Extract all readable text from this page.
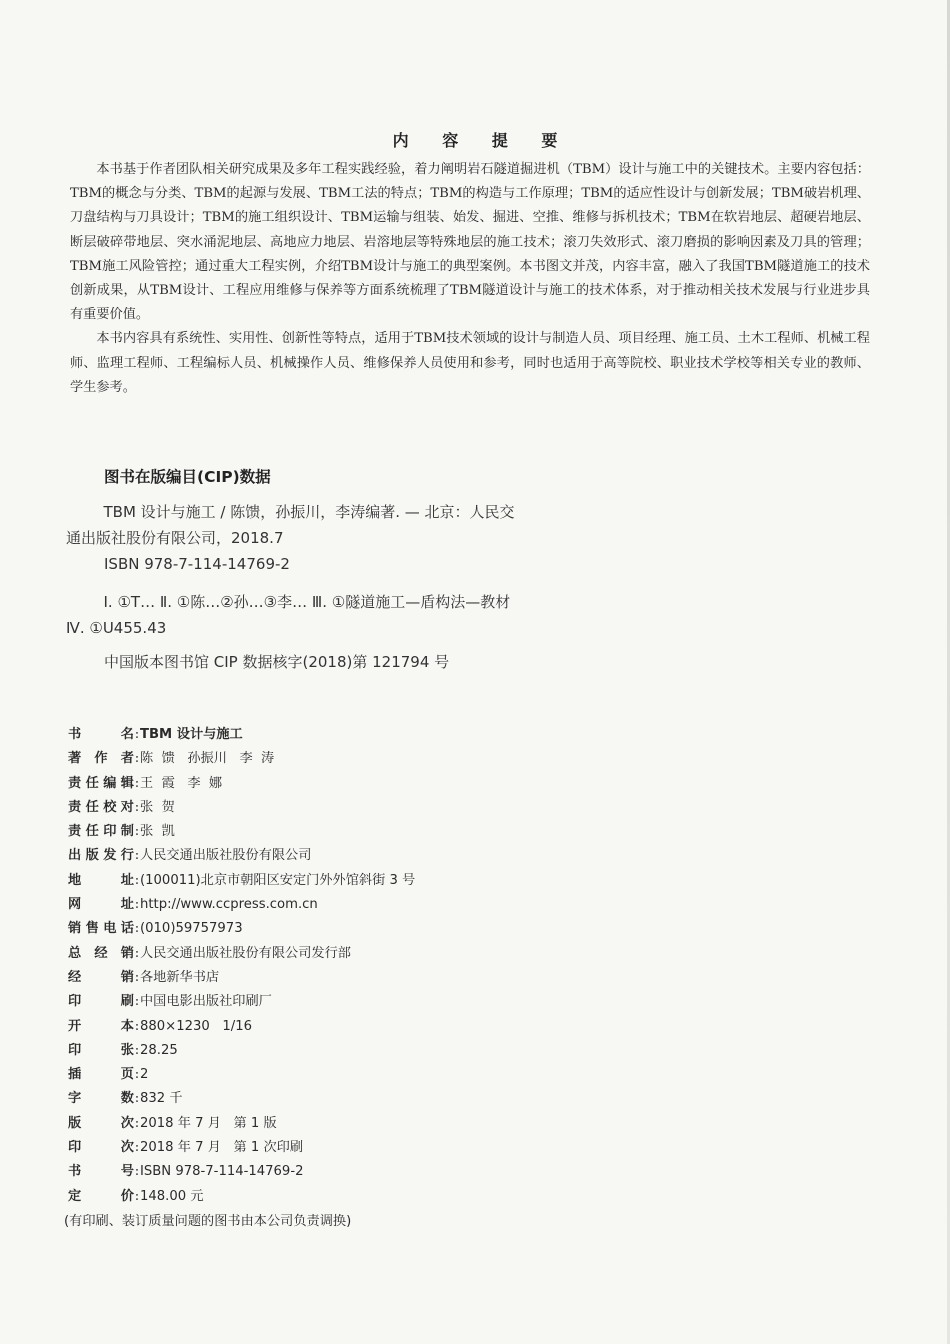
内 容 提 要

本书基于作者团队相关研究成果及多年工程实践经验，着力阐明岩石隧道掘进机（TBM）设计与施工中的关键技术。主要内容包括：TBM的概念与分类、TBM的起源与发展、TBM工法的特点；TBM的构造与工作原理；TBM的适应性设计与创新发展；TBM破岩机理、刀盘结构与刀具设计；TBM的施工组织设计、TBM运输与组装、始发、掘进、空推、维修与拆机技术；TBM在软岩地层、超硬岩地层、断层破碎带地层、突水涌泥地层、高地应力地层、岩溶地层等特殊地层的施工技术；滚刀失效形式、滚刀磨损的影响因素及刀具的管理；TBM施工风险管控；通过重大工程实例，介绍TBM设计与施工的典型案例。本书图文并茂，内容丰富，融入了我国TBM隧道施工的技术创新成果，从TBM设计、工程应用维修与保养等方面系统梳理了TBM隧道设计与施工的技术体系，对于推动相关技术发展与行业进步具有重要价值。

本书内容具有系统性、实用性、创新性等特点，适用于TBM技术领域的设计与制造人员、项目经理、施工员、土木工程师、机械工程师、监理工程师、工程编标人员、机械操作人员、维修保养人员使用和参考，同时也适用于高等院校、职业技术学校等相关专业的教师、学生参考。

图书在版编目(CIP)数据

TBM 设计与施工 / 陈馈，孙振川，李涛编著. — 北京：人民交通出版社股份有限公司，2018.7

ISBN 978-7-114-14769-2

Ⅰ. ①T… Ⅱ. ①陈…②孙…③李… Ⅲ. ①隧道施工—盾构法—教材 Ⅳ. ①U455.43

中国版本图书馆 CIP 数据核字(2018)第 121794 号

书名 : TBM 设计与施工
著作者 : 陈  馈   孙振川   李  涛
责任编辑 : 王  霞   李  娜
责任校对 : 张  贺
责任印制 : 张  凯
出版发行 : 人民交通出版社股份有限公司
地址 : (100011)北京市朝阳区安定门外外馆斜街 3 号
网址 : http://www.ccpress.com.cn
销售电话 : (010)59757973
总经销 : 人民交通出版社股份有限公司发行部
经销 : 各地新华书店
印刷 : 中国电影出版社印刷厂
开本 : 880×1230   1/16
印张 : 28.25
插页 : 2
字数 : 832 千
版次 : 2018 年 7 月   第 1 版
印次 : 2018 年 7 月   第 1 次印刷
书号 : ISBN 978-7-114-14769-2
定价 : 148.00 元
(有印刷、装订质量问题的图书由本公司负责调换)
